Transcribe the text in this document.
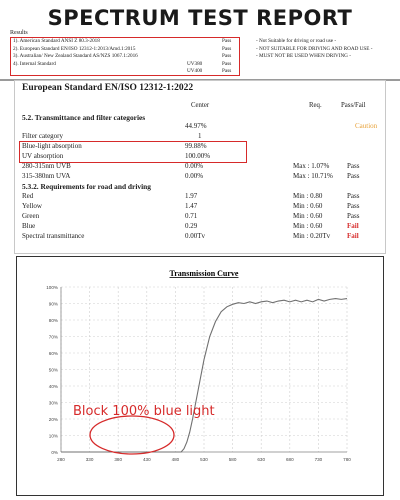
SPECTRUM TEST REPORT
Results
1). American Standard ANSI Z 80.3-2018	Pass
2). European Standard EN/ISO 12312-1:2013/Amd.1:2015	Pass
3). Australian/ New Zealand Standard AS/NZS 1067.1:2016	Pass
4). Internal Standard	UV380	Pass
UV400	Pass
- Not Suitable for driving or road use -
- NOT SUITABLE FOR DRIVING AND ROAD USE -
- MUST NOT BE USED WHEN DRIVING -
European Standard EN/ISO 12312-1:2022
Center	Req.	Pass/Fail
5.2. Transmittance and filter categories
44.97%	Caution
Filter category	1
Blue-light absorption	99.88%
UV absorption	100.00%
280-315nm UVB	0.00%	Max : 1.07%	Pass
315-380nm UVA	0.00%	Max : 10.71% Pass
5.3.2. Requirements for road and driving
Red	1.97	Min : 0.80	Pass
Yellow	1.47	Min : 0.60	Pass
Green	0.71	Min : 0.60	Pass
Blue	0.29	Min : 0.60	Fail
Spectral transmittance	0.00Tv	Min : 0.20Tv Fail
Transmission Curve
0%
10%
20%
30%
40%
50%
60%
70%
80%
90%
100%
280	330	380	430	480	530	580	630	680	730	780
Block 100% blue light
